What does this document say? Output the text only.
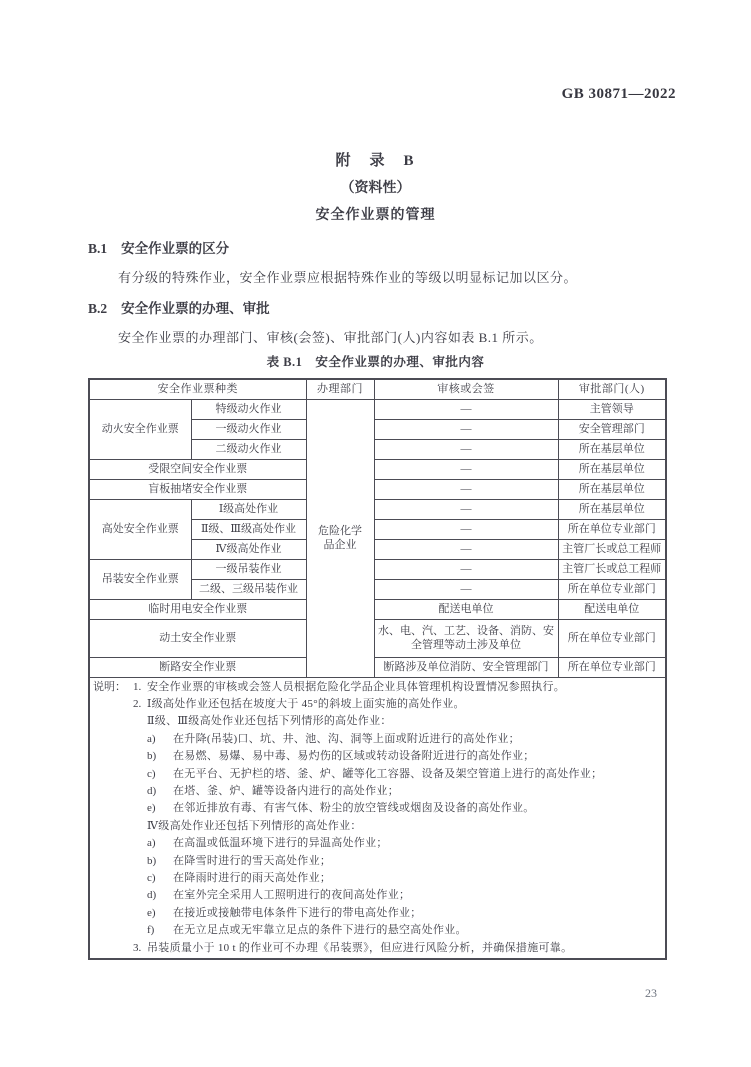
GB 30871—2022
附　录　B
（资料性）
安全作业票的管理
B.1 安全作业票的区分
有分级的特殊作业，安全作业票应根据特殊作业的等级以明显标记加以区分。
B.2 安全作业票的办理、审批
安全作业票的办理部门、审核(会签)、审批部门(人)内容如表 B.1 所示。
表 B.1　安全作业票的办理、审批内容
安全作业票种类		办理部门	审核或会签	审批部门(人)
动火安全作业票	特级动火作业	危险化学品企业	—	主管领导
	一级动火作业		—	安全管理部门
	二级动火作业		—	所在基层单位
受限空间安全作业票			—	所在基层单位
盲板抽堵安全作业票			—	所在基层单位
高处安全作业票	Ⅰ级高处作业		—	所在基层单位
	Ⅱ级、Ⅲ级高处作业		—	所在单位专业部门
	Ⅳ级高处作业		—	主管厂长或总工程师
吊装安全作业票	一级吊装作业		—	主管厂长或总工程师
	二级、三级吊装作业		—	所在单位专业部门
临时用电安全作业票			配送电单位	配送电单位
动土安全作业票			水、电、汽、工艺、设备、消防、安全管理等动土涉及单位	所在单位专业部门
断路安全作业票			断路涉及单位消防、安全管理部门	所在单位专业部门

说明： 1. 安全作业票的审核或会签人员根据危险化学品企业具体管理机构设置情况参照执行。
2. Ⅰ级高处作业还包括在坡度大于 45°的斜坡上面实施的高处作业。
Ⅱ级、Ⅲ级高处作业还包括下列情形的高处作业：
a)	在升降(吊装)口、坑、井、池、沟、洞等上面或附近进行的高处作业；
b)	在易燃、易爆、易中毒、易灼伤的区域或转动设备附近进行的高处作业；
c)	在无平台、无护栏的塔、釜、炉、罐等化工容器、设备及架空管道上进行的高处作业；
d)	在塔、釜、炉、罐等设备内进行的高处作业；
e)	在邻近排放有毒、有害气体、粉尘的放空管线或烟囱及设备的高处作业。
Ⅳ级高处作业还包括下列情形的高处作业：
a)	在高温或低温环境下进行的异温高处作业；
b)	在降雪时进行的雪天高处作业；
c)	在降雨时进行的雨天高处作业；
d)	在室外完全采用人工照明进行的夜间高处作业；
e)	在接近或接触带电体条件下进行的带电高处作业；
f)	在无立足点或无牢靠立足点的条件下进行的悬空高处作业。
3. 吊装质量小于 10 t 的作业可不办理《吊装票》，但应进行风险分析，并确保措施可靠。
23
